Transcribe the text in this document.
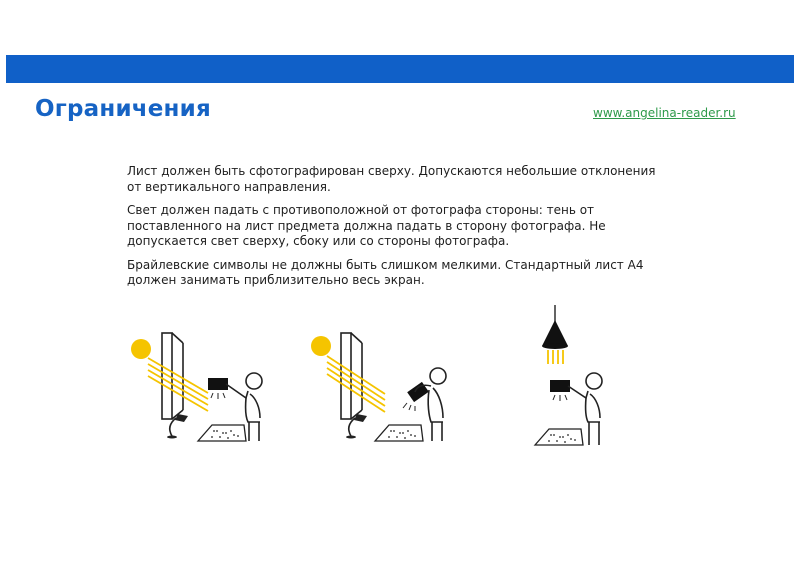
Ограничения	www.angelina-reader.ru

Лист должен быть сфотографирован сверху. Допускаются небольшие отклонения от вертикального направления.

Свет должен падать с противоположной от фотографа стороны: тень от поставленного на лист предмета должна падать в сторону фотографа. Не допускается свет сверху, сбоку или со стороны фотографа.

Брайлевские символы не должны быть слишком мелкими. Стандартный лист А4 должен занимать приблизительно весь экран.
